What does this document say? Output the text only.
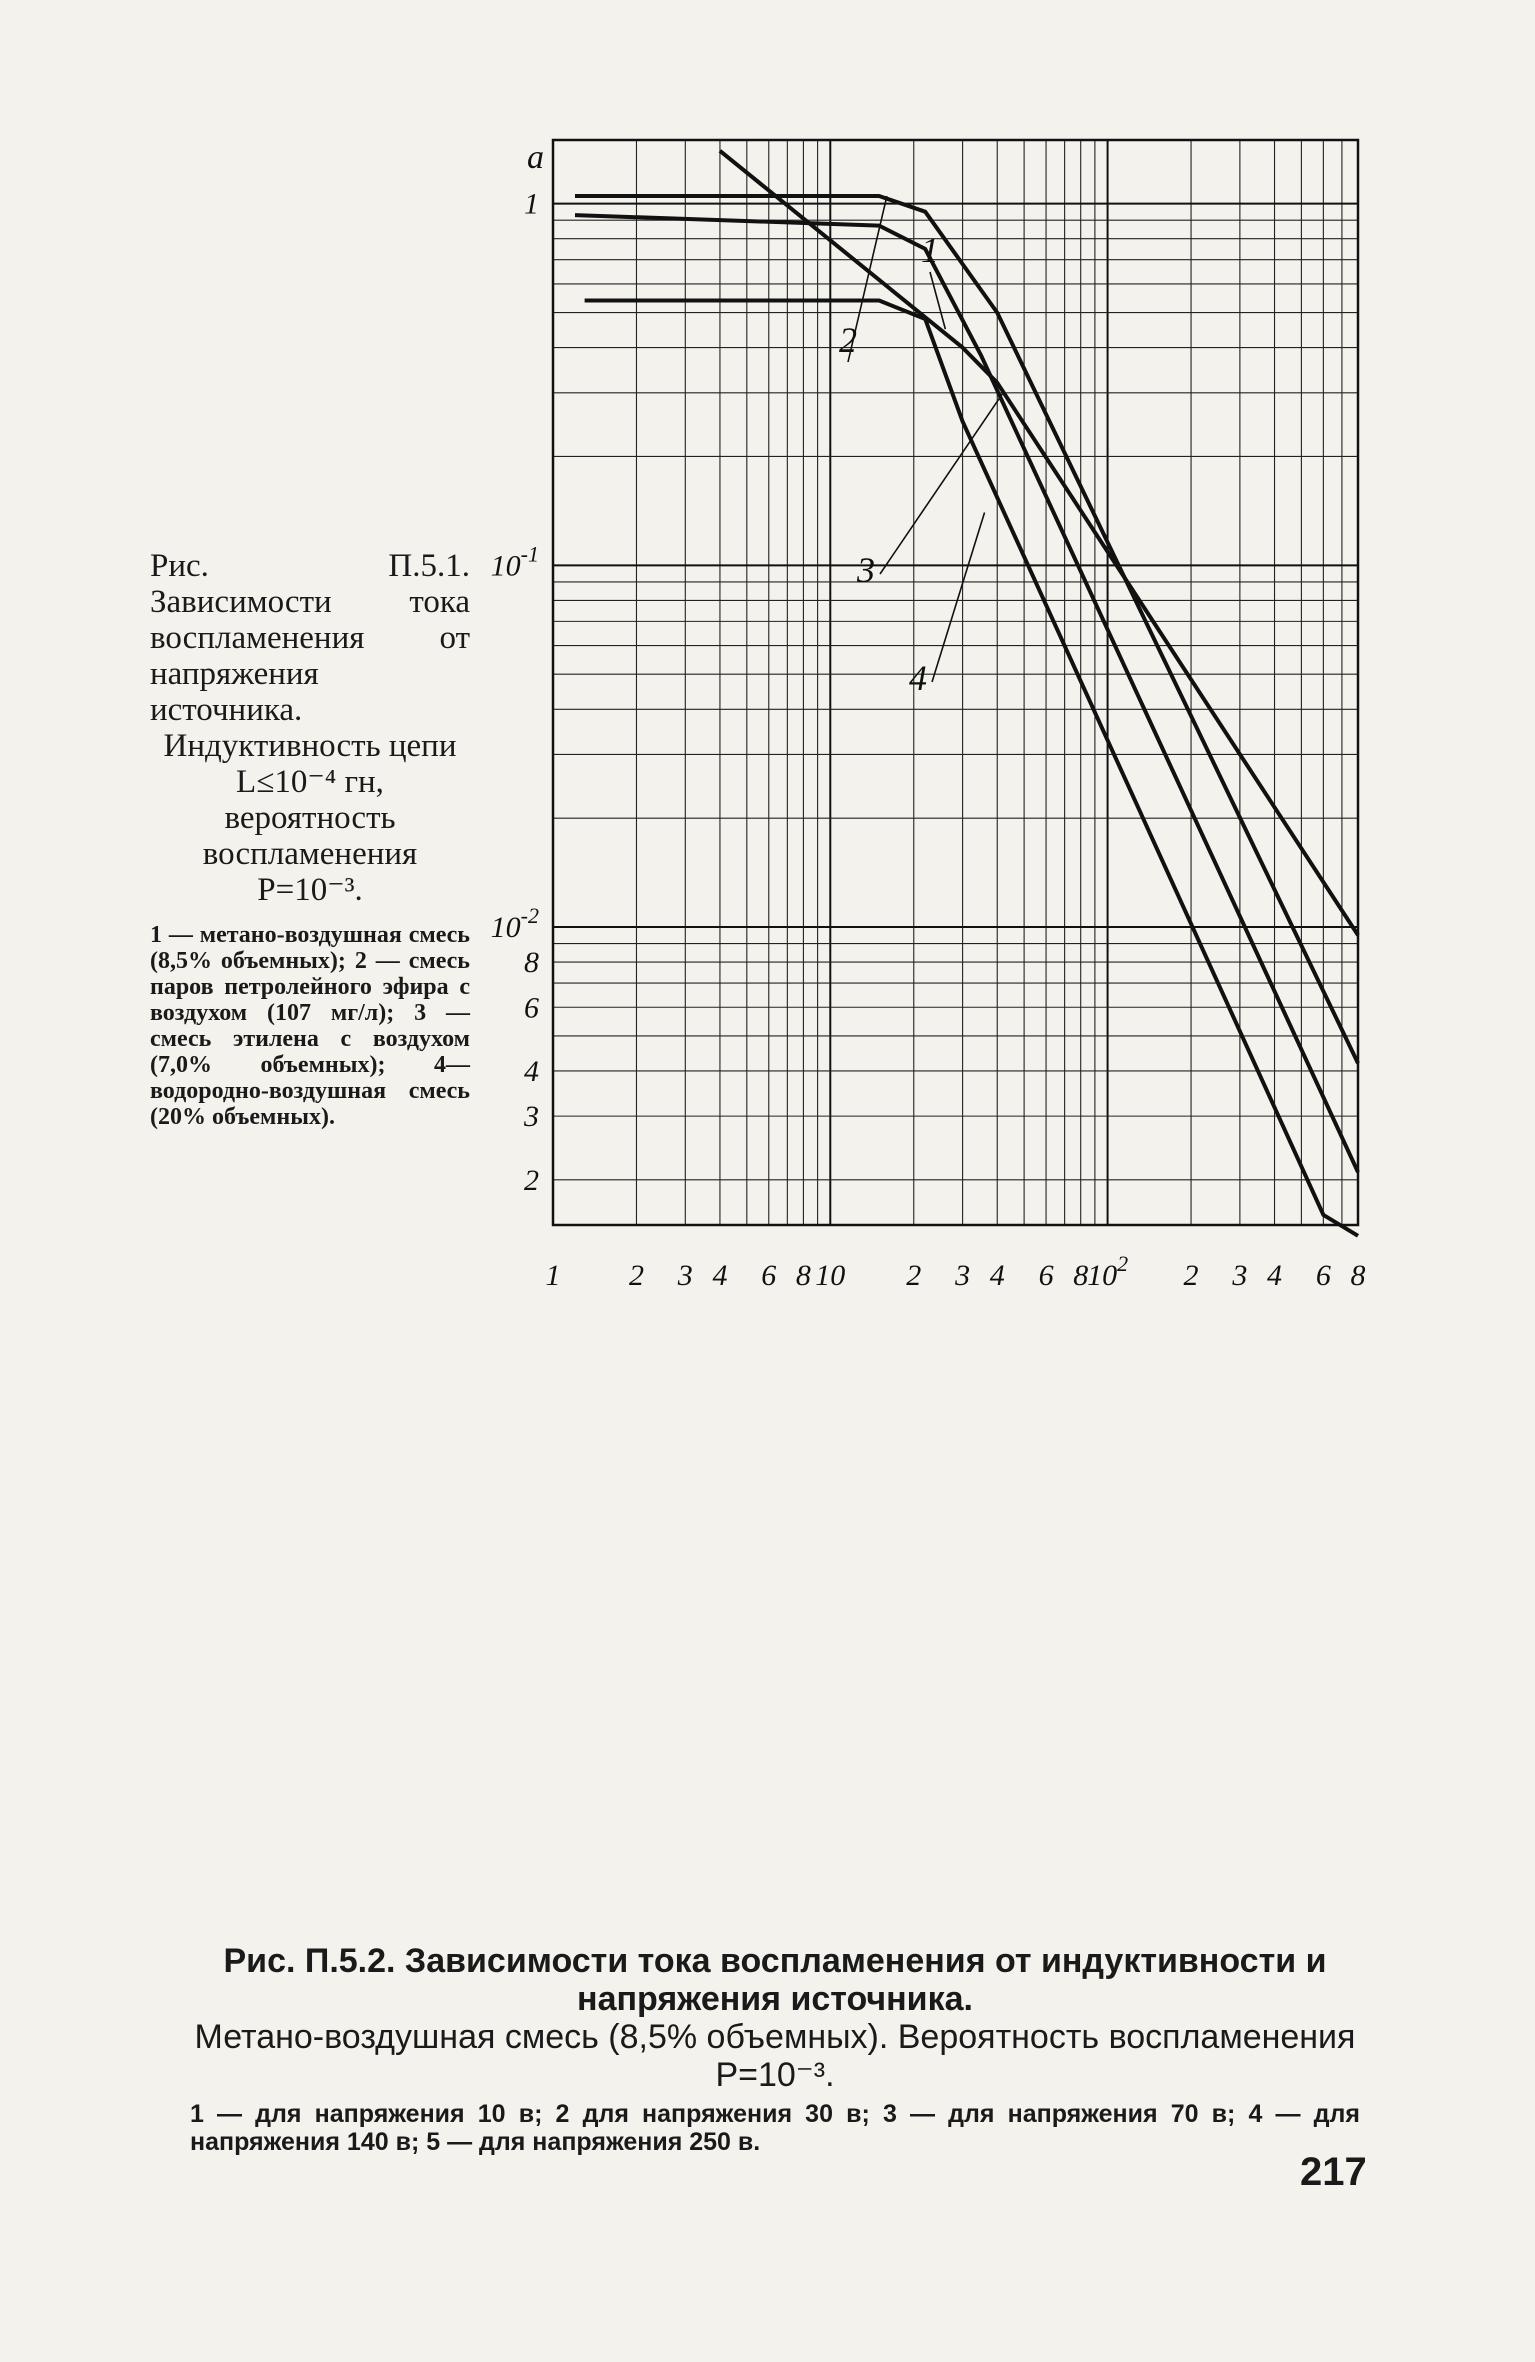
a
1
$10^{-1}$
$10^{-2}$
8
6
4
3
2
1 2 3 4 6 8 10 2 3 4 6 8
$10^2$ 2 3 4 6 8
1
2
3
4
Рис. П.5.1. Зависимости тока воспламенения от напряжения источника.
Индуктивность цепи L≤10⁻⁴ гн, вероятность воспламенения P=10⁻³.
1 — метано-воздушная смесь (8,5% объемных); 2 — смесь паров петролейного эфира с воздухом (107 мг/л); 3 — смесь этилена с воздухом (7,0% объемных); 4— водородно-воздушная смесь (20% объемных).
Рис. П.5.2. Зависимости тока воспламенения от индуктивности и напряжения источника.
Метано-воздушная смесь (8,5% объемных). Вероятность воспламенения P=10⁻³.
1 — для напряжения 10 в; 2 для напряжения 30 в; 3 — для напряжения 70 в; 4 — для напряжения 140 в; 5 — для напряжения 250 в.
217
